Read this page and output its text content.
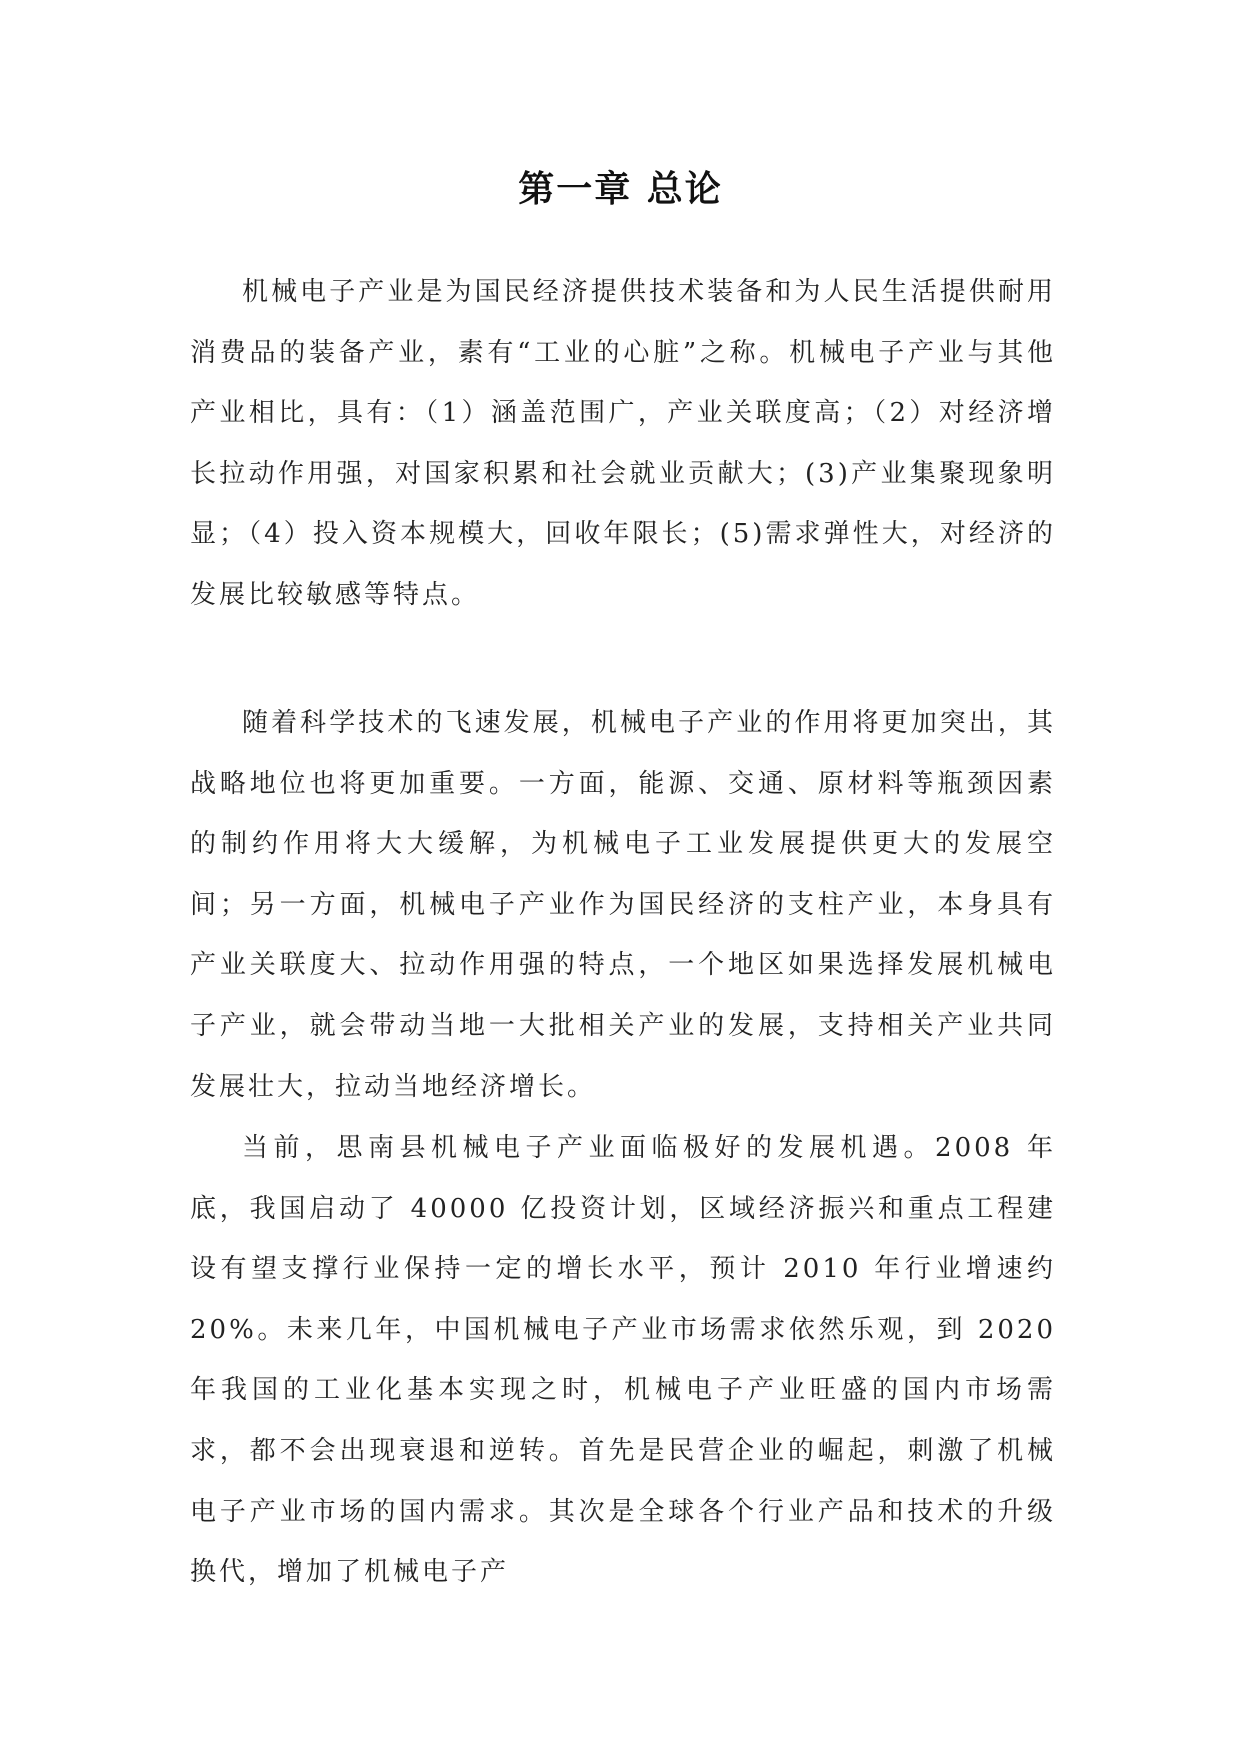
第一章 总论

机械电子产业是为国民经济提供技术装备和为人民生活提供耐用消费品的装备产业，素有“工业的心脏”之称。机械电子产业与其他产业相比，具有：（1）涵盖范围广，产业关联度高；（2）对经济增长拉动作用强，对国家积累和社会就业贡献大；(3)产业集聚现象明显；（4）投入资本规模大，回收年限长；(5)需求弹性大，对经济的发展比较敏感等特点。

随着科学技术的飞速发展，机械电子产业的作用将更加突出，其战略地位也将更加重要。一方面，能源、交通、原材料等瓶颈因素的制约作用将大大缓解，为机械电子工业发展提供更大的发展空间；另一方面，机械电子产业作为国民经济的支柱产业，本身具有产业关联度大、拉动作用强的特点，一个地区如果选择发展机械电子产业，就会带动当地一大批相关产业的发展，支持相关产业共同发展壮大，拉动当地经济增长。

当前，思南县机械电子产业面临极好的发展机遇。2008 年底，我国启动了 40000 亿投资计划，区域经济振兴和重点工程建设有望支撑行业保持一定的增长水平，预计 2010 年行业增速约 20%。未来几年，中国机械电子产业市场需求依然乐观，到 2020 年我国的工业化基本实现之时，机械电子产业旺盛的国内市场需求，都不会出现衰退和逆转。首先是民营企业的崛起，刺激了机械电子产业市场的国内需求。其次是全球各个行业产品和技术的升级换代，增加了机械电子产
